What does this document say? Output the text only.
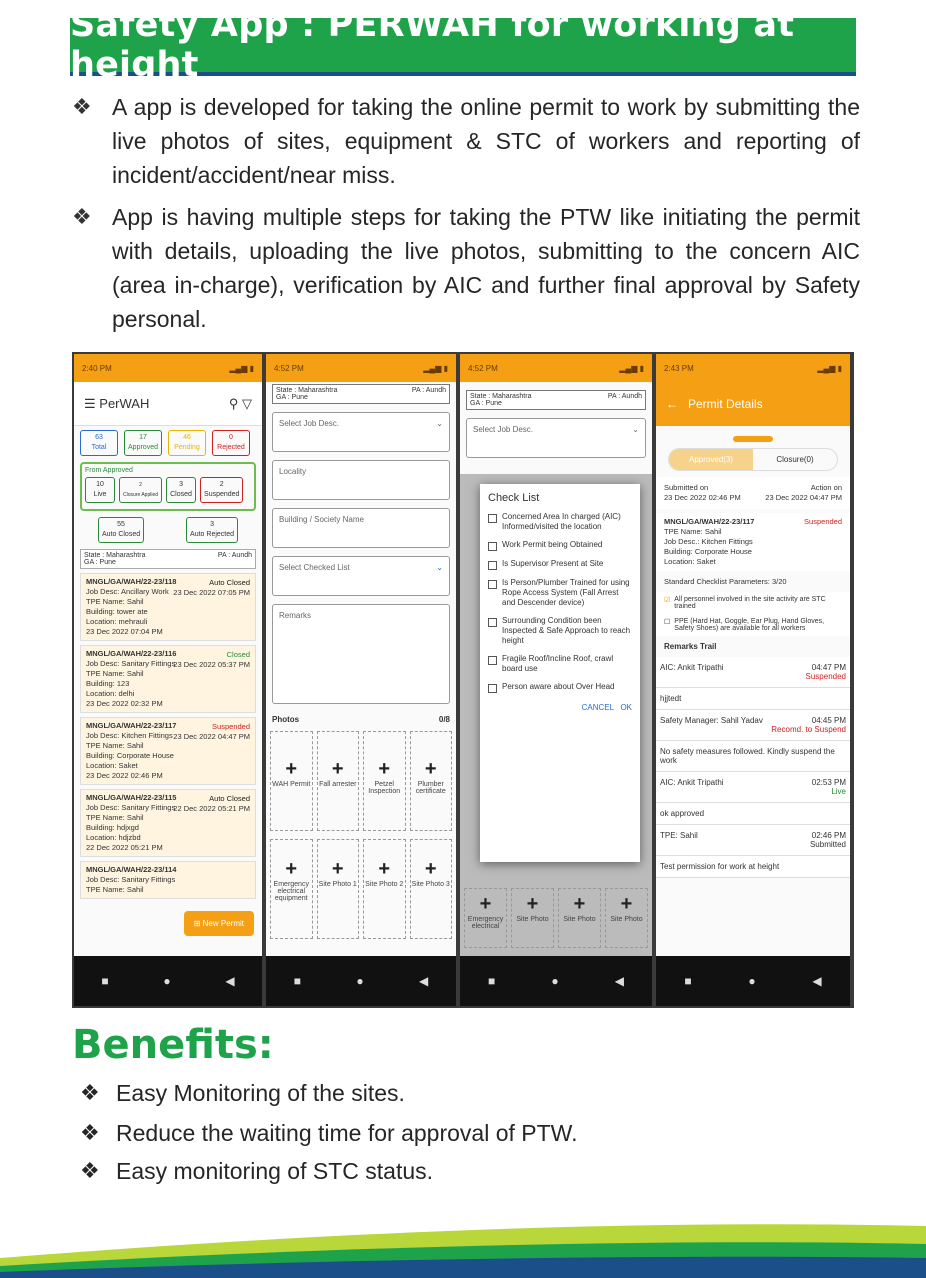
Safety App : PERWAH for working at height
❖ A app is developed for taking the online permit to work by submitting the live photos of sites, equipment & STC of workers and reporting of incident/accident/near miss.
❖ App is having multiple steps for taking the PTW like initiating the permit with details, uploading the live photos, submitting to the concern AIC (area in-charge), verification by AIC and further final approval by Safety personal.
2:40 PM	▂▄▆ ▮
☰ PerWAH	⚲ ▽
63
Total
17
Approved
46
Pending
0
Rejected
From Approved
10
Live
2
Closure Applied
3
Closed
2
Suspended
55
Auto Closed
3
Auto Rejected
State : Maharashtra	PA : Aundh
GA : Pune
MNGL/GA/WAH/22-23/118	Auto Closed
23 Dec 2022 07:05 PM
Job Desc: Ancillary Work
TPE Name: Sahil
Building: tower ate
Location: mehrauli
23 Dec 2022 07:04 PM
MNGL/GA/WAH/22-23/116	Closed
23 Dec 2022 05:37 PM
Job Desc: Sanitary Fittings
TPE Name: Sahil
Building: 123
Location: delhi
23 Dec 2022 02:32 PM
MNGL/GA/WAH/22-23/117	Suspended
23 Dec 2022 04:47 PM
Job Desc: Kitchen Fittings
TPE Name: Sahil
Building: Corporate House
Location: Saket
23 Dec 2022 02:46 PM
MNGL/GA/WAH/22-23/115	Auto Closed
22 Dec 2022 05:21 PM
Job Desc: Sanitary Fittings
TPE Name: Sahil
Building: hdjxgd
Location: hdjzbd
22 Dec 2022 05:21 PM
MNGL/GA/WAH/22-23/114
Job Desc: Sanitary Fittings
TPE Name: Sahil
⊞ New Permit
■	●	◀
4:52 PM	▂▄▆ ▮
State : Maharashtra	PA : Aundh
GA : Pune
Select Job Desc.	⌄
Locality
Building / Society Name
Select Checked List	⌄
Remarks
Photos	0/8
+
WAH Permit
+
Fall arrester
+
Petzel Inspection
+
Plumber certificate
+
Emergency electrical equipment
+
Site Photo 1
+
Site Photo 2
+
Site Photo 3
■	●	◀
4:52 PM	▂▄▆ ▮
State : Maharashtra	PA : Aundh
GA : Pune
Select Job Desc.	⌄
Check List
Concerned Area In charged (AIC) Informed/visited the location
Work Permit being Obtained
Is Supervisor Present at Site
Is Person/Plumber Trained for using Rope Access System (Fall Arrest and Descender device)
Surrounding Condition been Inspected & Safe Approach to reach height
Fragile Roof/Incline Roof, crawl board use
Person aware about Over Head
CANCEL OK
+
Emergency electrical
+
Site Photo
+
Site Photo
+
Site Photo
■	●	◀
2:43 PM	▂▄▆ ▮
← Permit Details
Approved(3)	Closure(0)
Submitted on
23 Dec 2022 02:46 PM
Action on
23 Dec 2022 04:47 PM
MNGL/GA/WAH/22-23/117	Suspended
TPE Name: Sahil
Job Desc.: Kitchen Fittings
Building: Corporate House
Location: Saket
Standard Checklist Parameters: 3/20
☑ All personnel involved in the site activity are STC trained
☐ PPE (Hard Hat, Goggle, Ear Plug, Hand Gloves, Safety Shoes) are available for all workers
Remarks Trail
AIC: Ankit Tripathi	04:47 PM
Suspended
hjjtedt
Safety Manager: Sahil Yadav	04:45 PM
Recomd. to Suspend
No safety measures followed. Kindly suspend the work
AIC: Ankit Tripathi	02:53 PM
Live
ok approved
TPE: Sahil	02:46 PM
Submitted
Test permission for work at height
■	●	◀
Benefits:
❖ Easy Monitoring of the sites.
❖ Reduce the waiting time for approval of PTW.
❖ Easy monitoring of STC status.
